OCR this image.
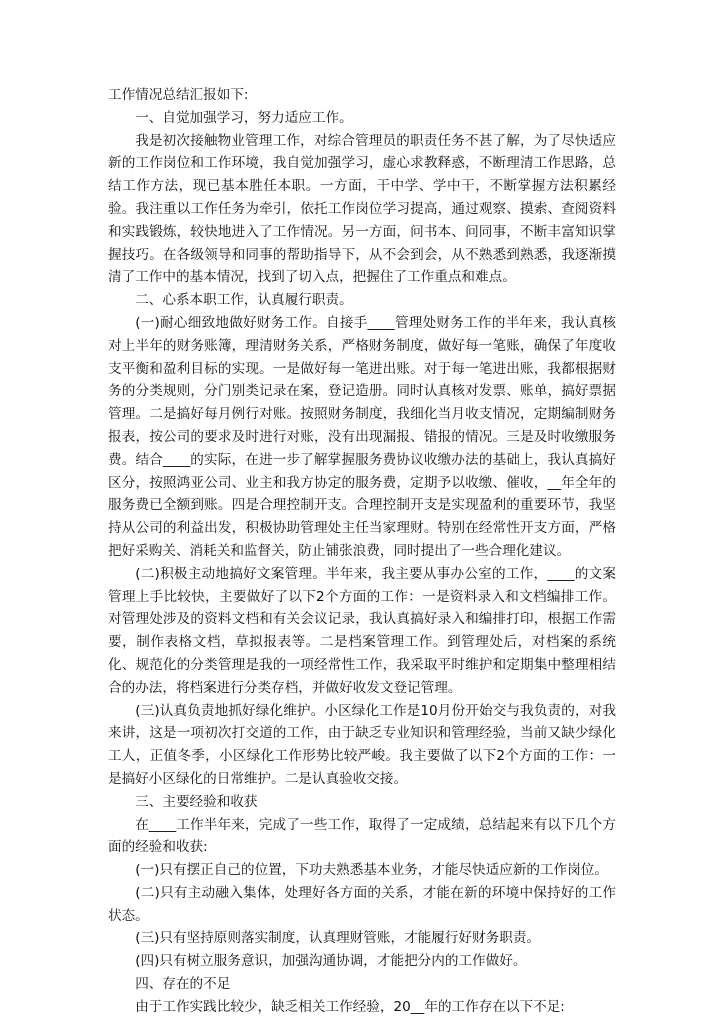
工作情况总结汇报如下:

一、自觉加强学习，努力适应工作。

我是初次接触物业管理工作，对综合管理员的职责任务不甚了解，为了尽快适应新的工作岗位和工作环境，我自觉加强学习，虚心求教释惑，不断理清工作思路，总结工作方法，现已基本胜任本职。一方面，干中学、学中干，不断掌握方法积累经验。我注重以工作任务为牵引，依托工作岗位学习提高，通过观察、摸索、查阅资料和实践锻炼，较快地进入了工作情况。另一方面，问书本、问同事，不断丰富知识掌握技巧。在各级领导和同事的帮助指导下，从不会到会，从不熟悉到熟悉，我逐渐摸清了工作中的基本情况，找到了切入点，把握住了工作重点和难点。

二、心系本职工作，认真履行职责。

(一)耐心细致地做好财务工作。自接手____管理处财务工作的半年来，我认真核对上半年的财务账簿，理清财务关系，严格财务制度，做好每一笔账，确保了年度收支平衡和盈利目标的实现。一是做好每一笔进出账。对于每一笔进出账，我都根据财务的分类规则，分门别类记录在案，登记造册。同时认真核对发票、账单，搞好票据管理。二是搞好每月例行对账。按照财务制度，我细化当月收支情况，定期编制财务报表，按公司的要求及时进行对账，没有出现漏报、错报的情况。三是及时收缴服务费。结合____的实际，在进一步了解掌握服务费协议收缴办法的基础上，我认真搞好区分，按照鸿亚公司、业主和我方协定的服务费，定期予以收缴、催收，__年全年的服务费已全额到账。四是合理控制开支。合理控制开支是实现盈利的重要环节，我坚持从公司的利益出发，积极协助管理处主任当家理财。特别在经常性开支方面，严格把好采购关、消耗关和监督关，防止铺张浪费，同时提出了一些合理化建议。

(二)积极主动地搞好文案管理。半年来，我主要从事办公室的工作，____的文案管理上手比较快，主要做好了以下2个方面的工作：一是资料录入和文档编排工作。对管理处涉及的资料文档和有关会议记录，我认真搞好录入和编排打印，根据工作需要，制作表格文档，草拟报表等。二是档案管理工作。到管理处后，对档案的系统化、规范化的分类管理是我的一项经常性工作，我采取平时维护和定期集中整理相结合的办法，将档案进行分类存档，并做好收发文登记管理。

(三)认真负责地抓好绿化维护。小区绿化工作是10月份开始交与我负责的，对我来讲，这是一项初次打交道的工作，由于缺乏专业知识和管理经验，当前又缺少绿化工人，正值冬季，小区绿化工作形势比较严峻。我主要做了以下2个方面的工作：一是搞好小区绿化的日常维护。二是认真验收交接。

三、主要经验和收获

在____工作半年来，完成了一些工作，取得了一定成绩，总结起来有以下几个方面的经验和收获:

(一)只有摆正自己的位置，下功夫熟悉基本业务，才能尽快适应新的工作岗位。

(二)只有主动融入集体，处理好各方面的关系，才能在新的环境中保持好的工作状态。

(三)只有坚持原则落实制度，认真理财管账，才能履行好财务职责。

(四)只有树立服务意识，加强沟通协调，才能把分内的工作做好。

四、存在的不足

由于工作实践比较少，缺乏相关工作经验，20__年的工作存在以下不足:
